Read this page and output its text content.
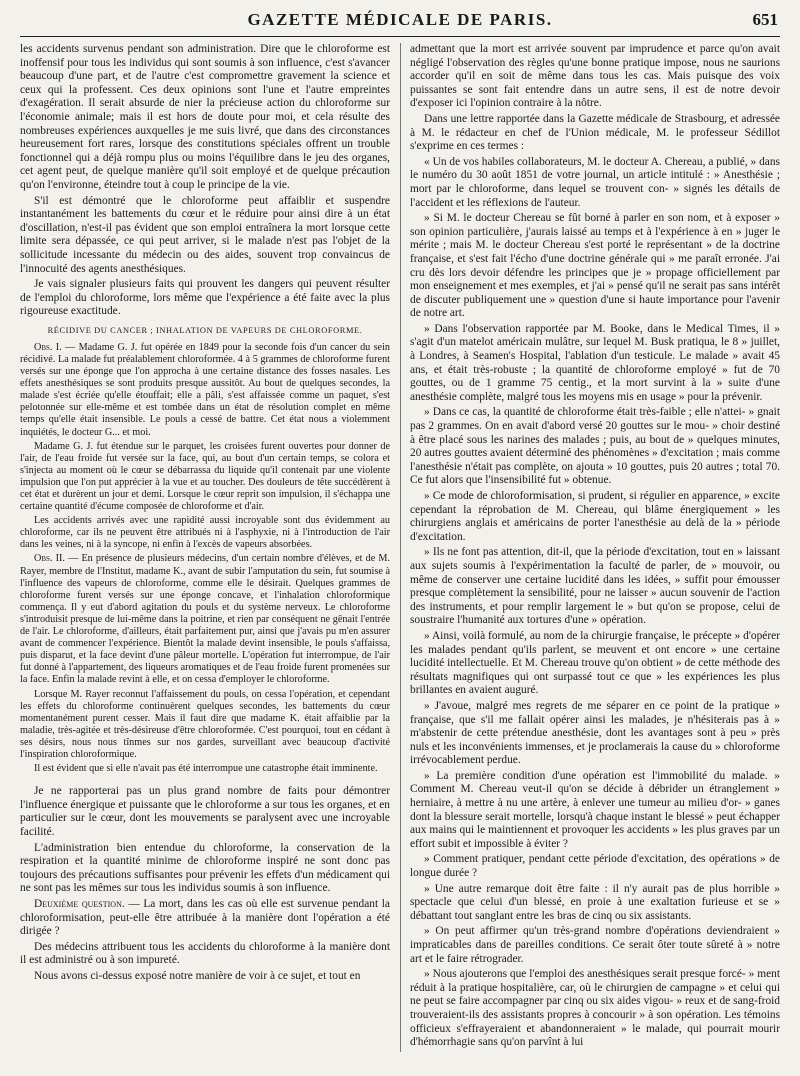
GAZETTE MÉDICALE DE PARIS.	651

les accidents survenus pendant son administration. Dire que le chloroforme est inoffensif pour tous les individus qui sont soumis à son influence, c'est s'avancer beaucoup d'une part, et de l'autre c'est compromettre gravement la science et ceux qui la professent. Ces deux opinions sont l'une et l'autre empreintes d'exagération. Il serait absurde de nier la précieuse action du chloroforme sur l'économie animale; mais il est hors de doute pour moi, et cela résulte des nombreuses expériences auxquelles je me suis livré, que dans des circonstances heureusement fort rares, lorsque des constitutions spéciales offrent un trouble fonctionnel qui a déjà rompu plus ou moins l'équilibre dans le jeu des organes, cet agent peut, de quelque manière qu'il soit employé et de quelque précaution qu'on l'environne, éteindre tout à coup le principe de la vie.

S'il est démontré que le chloroforme peut affaiblir et suspendre instantanément les battements du cœur et le réduire pour ainsi dire à un état d'oscillation, n'est-il pas évident que son emploi entraînera la mort lorsque cette limite sera dépassée, ce qui peut arriver, si le malade n'est pas l'objet de la sollicitude incessante du médecin ou des aides, souvent trop convaincus de l'innocuité des agents anesthésiques.

Je vais signaler plusieurs faits qui prouvent les dangers qui peuvent résulter de l'emploi du chloroforme, lors même que l'expérience a été faite avec la plus rigoureuse exactitude.

RÉCIDIVE DU CANCER ; INHALATION DE VAPEURS DE CHLOROFORME.

Obs. I. — Madame G. J. fut opérée en 1849 pour la seconde fois d'un cancer du sein récidivé. La malade fut préalablement chloroformée. 4 à 5 grammes de chloroforme furent versés sur une éponge que l'on approcha à une certaine distance des fosses nasales. Les effets anesthésiques se sont produits presque aussitôt. Au bout de quelques secondes, la malade s'est écriée qu'elle étouffait; elle a pâli, s'est affaissée comme un paquet, s'est pelotonnée sur elle-même et est tombée dans un état de résolution complet en même temps qu'elle était insensible. Le pouls a cessé de battre. Cet état nous a violemment inquiétés, le docteur G... et moi.

Madame G. J. fut étendue sur le parquet, les croisées furent ouvertes pour donner de l'air, de l'eau froide fut versée sur la face, qui, au bout d'un certain temps, se colora et s'injecta au moment où le cœur se débarrassa du liquide qu'il contenait par une violente impulsion que l'on put apprécier à la vue et au toucher. Des douleurs de tête succédèrent à cet état et durèrent un jour et demi. Lorsque le cœur reprit son impulsion, il s'échappa une certaine quantité d'écume composée de chloroforme et d'air.

Les accidents arrivés avec une rapidité aussi incroyable sont dus évidemment au chloroforme, car ils ne peuvent être attribués ni à l'asphyxie, ni à l'introduction de l'air dans les veines, ni à la syncope, ni enfin à l'excès de vapeurs absorbées.

Obs. II. — En présence de plusieurs médecins, d'un certain nombre d'élèves, et de M. Rayer, membre de l'Institut, madame K., avant de subir l'amputation du sein, fut soumise à l'influence des vapeurs de chloroforme, comme elle le désirait. Quelques grammes de chloroforme furent versés sur une éponge concave, et l'inhalation chloroformique commença. Il y eut d'abord agitation du pouls et du système nerveux. Le chloroforme s'introduisit presque de lui-même dans la poitrine, et rien par conséquent ne gênait l'entrée de l'air. Le chloroforme, d'ailleurs, était parfaitement pur, ainsi que j'avais pu m'en assurer avant de commencer l'expérience. Bientôt la malade devint insensible, le pouls s'affaissa, puis disparut, et la face devint d'une pâleur mortelle. L'opération fut interrompue, de l'air fut donné à l'appartement, des liqueurs aromatiques et de l'eau froide furent promenées sur la face. Enfin la malade revint à elle, et on cessa d'employer le chloroforme.

Lorsque M. Rayer reconnut l'affaissement du pouls, on cessa l'opération, et cependant les effets du chloroforme continuèrent quelques secondes, les battements du cœur momentanément purent cesser. Mais il faut dire que madame K. était affaiblie par la maladie, très-agitée et très-désireuse d'être chloroformée. C'est pourquoi, tout en cédant à ses désirs, nous nous tînmes sur nos gardes, surveillant avec beaucoup d'activité l'inspiration chloroformique.

Il est évident que si elle n'avait pas été interrompue une catastrophe était imminente.

Je ne rapporterai pas un plus grand nombre de faits pour démontrer l'influence énergique et puissante que le chloroforme a sur tous les organes, et en particulier sur le cœur, dont les mouvements se paralysent avec une incroyable facilité.

L'administration bien entendue du chloroforme, la conservation de la respiration et la quantité minime de chloroforme inspiré ne sont donc pas toujours des précautions suffisantes pour prévenir les effets d'un médicament qui ne sont pas les mêmes sur tous les individus soumis à son influence.

Deuxième question. — La mort, dans les cas où elle est survenue pendant la chloroformisation, peut-elle être attribuée à la manière dont l'opération a été dirigée ?

Des médecins attribuent tous les accidents du chloroforme à la manière dont il est administré ou à son impureté.

Nous avons ci-dessus exposé notre manière de voir à ce sujet, et tout en

admettant que la mort est arrivée souvent par imprudence et parce qu'on avait négligé l'observation des règles qu'une bonne pratique impose, nous ne saurions accorder qu'il en soit de même dans tous les cas. Mais puisque des voix puissantes se sont fait entendre dans un autre sens, il est de notre devoir d'exposer ici l'opinion contraire à la nôtre.

Dans une lettre rapportée dans la Gazette médicale de Strasbourg, et adressée à M. le rédacteur en chef de l'Union médicale, M. le professeur Sédillot s'exprime en ces termes :

« Un de vos habiles collaborateurs, M. le docteur A. Chereau, a publié, » dans le numéro du 30 août 1851 de votre journal, un article intitulé : » Anesthésie ; mort par le chloroforme, dans lequel se trouvent con- » signés les détails de l'accident et les réflexions de l'auteur.

» Si M. le docteur Chereau se fût borné à parler en son nom, et à exposer » son opinion particulière, j'aurais laissé au temps et à l'expérience à en » juger le mérite ; mais M. le docteur Chereau s'est porté le représentant » de la doctrine française, et s'est fait l'écho d'une doctrine générale qui » me paraît erronée. J'ai cru dès lors devoir défendre les principes que je » propage officiellement par mon enseignement et mes exemples, et j'ai » pensé qu'il ne serait pas sans intérêt de discuter publiquement une » question d'une si haute importance pour l'avenir de notre art.

» Dans l'observation rapportée par M. Booke, dans le Medical Times, il » s'agit d'un matelot américain mulâtre, sur lequel M. Busk pratiqua, le 8 » juillet, à Londres, à Seamen's Hospital, l'ablation d'un testicule. Le malade » avait 45 ans, et était très-robuste ; la quantité de chloroforme employé » fut de 70 gouttes, ou de 1 gramme 75 centig., et la mort survint à la » suite d'une anesthésie complète, malgré tous les moyens mis en usage » pour la prévenir.

» Dans ce cas, la quantité de chloroforme était très-faible ; elle n'attei- » gnait pas 2 grammes. On en avait d'abord versé 20 gouttes sur le mou- » choir destiné à être placé sous les narines des malades ; puis, au bout de » quelques minutes, 20 autres gouttes avaient déterminé des phénomènes » d'excitation ; mais comme l'anesthésie n'était pas complète, on ajouta » 10 gouttes, puis 20 autres ; total 70. Ce fut alors que l'insensibilité fut » obtenue.

» Ce mode de chloroformisation, si prudent, si régulier en apparence, » excite cependant la réprobation de M. Chereau, qui blâme énergiquement » les chirurgiens anglais et américains de porter l'anesthésie au delà de la » période d'excitation.

» Ils ne font pas attention, dit-il, que la période d'excitation, tout en » laissant aux sujets soumis à l'expérimentation la faculté de parler, de » mouvoir, ou même de conserver une certaine lucidité dans les idées, » suffit pour émousser presque complètement la sensibilité, pour ne laisser » aucun souvenir de l'action des instruments, et pour remplir largement le » but qu'on se propose, celui de soustraire l'humanité aux tortures d'une » opération.

» Ainsi, voilà formulé, au nom de la chirurgie française, le précepte » d'opérer les malades pendant qu'ils parlent, se meuvent et ont encore » une certaine lucidité intellectuelle. Et M. Chereau trouve qu'on obtient » de cette méthode des résultats magnifiques qui ont surpassé tout ce que » les expériences les plus brillantes en avaient auguré.

» J'avoue, malgré mes regrets de me séparer en ce point de la pratique » française, que s'il me fallait opérer ainsi les malades, je n'hésiterais pas à » m'abstenir de cette prétendue anesthésie, dont les avantages sont à peu » près nuls et les inconvénients immenses, et je proclamerais la cause du » chloroforme irrévocablement perdue.

» La première condition d'une opération est l'immobilité du malade. » Comment M. Chereau veut-il qu'on se décide à débrider un étranglement » herniaire, à mettre à nu une artère, à enlever une tumeur au milieu d'or- » ganes dont la blessure serait mortelle, lorsqu'à chaque instant le blessé » peut échapper aux mains qui le maintiennent et provoquer les accidents » les plus graves par un effort subit et impossible à éviter ?

» Comment pratiquer, pendant cette période d'excitation, des opérations » de longue durée ?

» Une autre remarque doit être faite : il n'y aurait pas de plus horrible » spectacle que celui d'un blessé, en proie à une exaltation furieuse et se » débattant tout sanglant entre les bras de cinq ou six assistants.

» On peut affirmer qu'un très-grand nombre d'opérations deviendraient » impraticables dans de pareilles conditions. Ce serait ôter toute sûreté à » notre art et le faire rétrograder.

» Nous ajouterons que l'emploi des anesthésiques serait presque forcé- » ment réduit à la pratique hospitalière, car, où le chirurgien de campagne » et celui qui ne peut se faire accompagner par cinq ou six aides vigou- » reux et de sang-froid trouveraient-ils des assistants propres à concourir » à son opération. Les témoins officieux s'effrayeraient et abandonneraient » le malade, qui pourrait mourir d'hémorrhagie sans qu'on parvînt à lui
